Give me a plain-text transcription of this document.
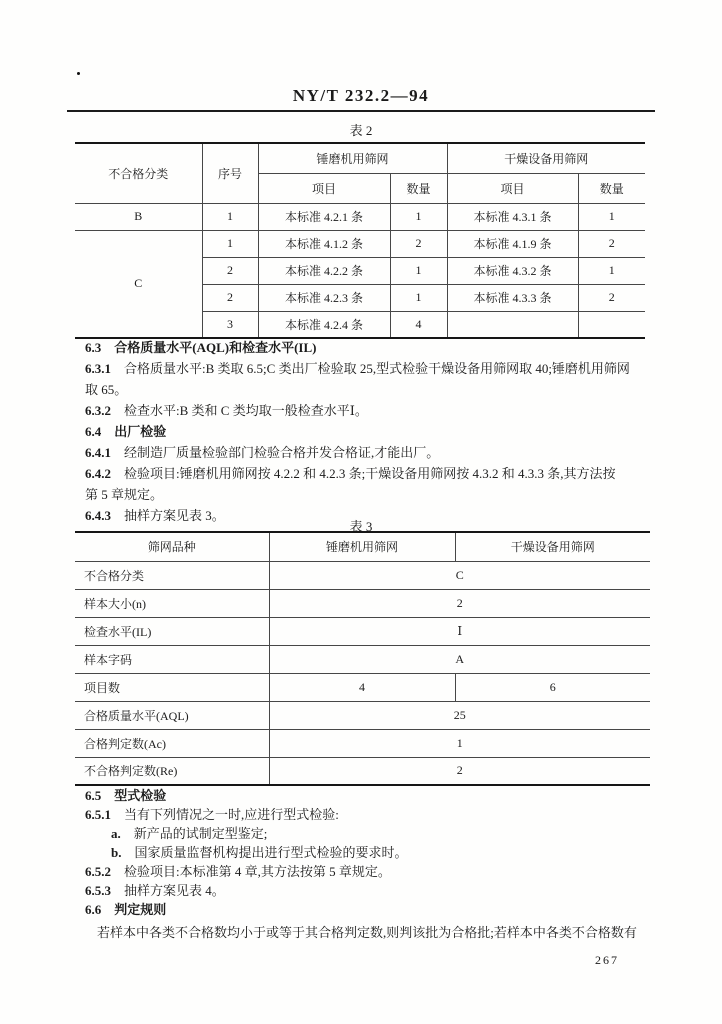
NY/T 232.2—94
表 2
不合格分类	序号	锤磨机用筛网		干燥设备用筛网	
		项目	数量	项目	数量
B	1	本标准 4.2.1 条	1	本标准 4.3.1 条	1
C	1	本标准 4.1.2 条	2	本标准 4.1.9 条	2
	2	本标准 4.2.2 条	1	本标准 4.3.2 条	1
	2	本标准 4.2.3 条	1	本标准 4.3.3 条	2
	3	本标准 4.2.4 条	4		
6.3 合格质量水平(AQL)和检查水平(IL)
6.3.1 合格质量水平:B 类取 6.5;C 类出厂检验取 25,型式检验干燥设备用筛网取 40;锤磨机用筛网
取 65。
6.3.2 检查水平:B 类和 C 类均取一般检查水平Ⅰ。
6.4 出厂检验
6.4.1 经制造厂质量检验部门检验合格并发合格证,才能出厂。
6.4.2 检验项目:锤磨机用筛网按 4.2.2 和 4.2.3 条;干燥设备用筛网按 4.3.2 和 4.3.3 条,其方法按
第 5 章规定。
6.4.3 抽样方案见表 3。
表 3
筛网品种	锤磨机用筛网	干燥设备用筛网
不合格分类	C	
样本大小(n)	2	
检查水平(IL)	Ⅰ	
样本字码	A	
项目数	4	6
合格质量水平(AQL)	25	
合格判定数(Ac)	1	
不合格判定数(Re)	2	
6.5 型式检验
6.5.1 当有下列情况之一时,应进行型式检验:
a. 新产品的试制定型鉴定;
b. 国家质量监督机构提出进行型式检验的要求时。
6.5.2 检验项目:本标准第 4 章,其方法按第 5 章规定。
6.5.3 抽样方案见表 4。
6.6 判定规则
若样本中各类不合格数均小于或等于其合格判定数,则判该批为合格批;若样本中各类不合格数有
267
